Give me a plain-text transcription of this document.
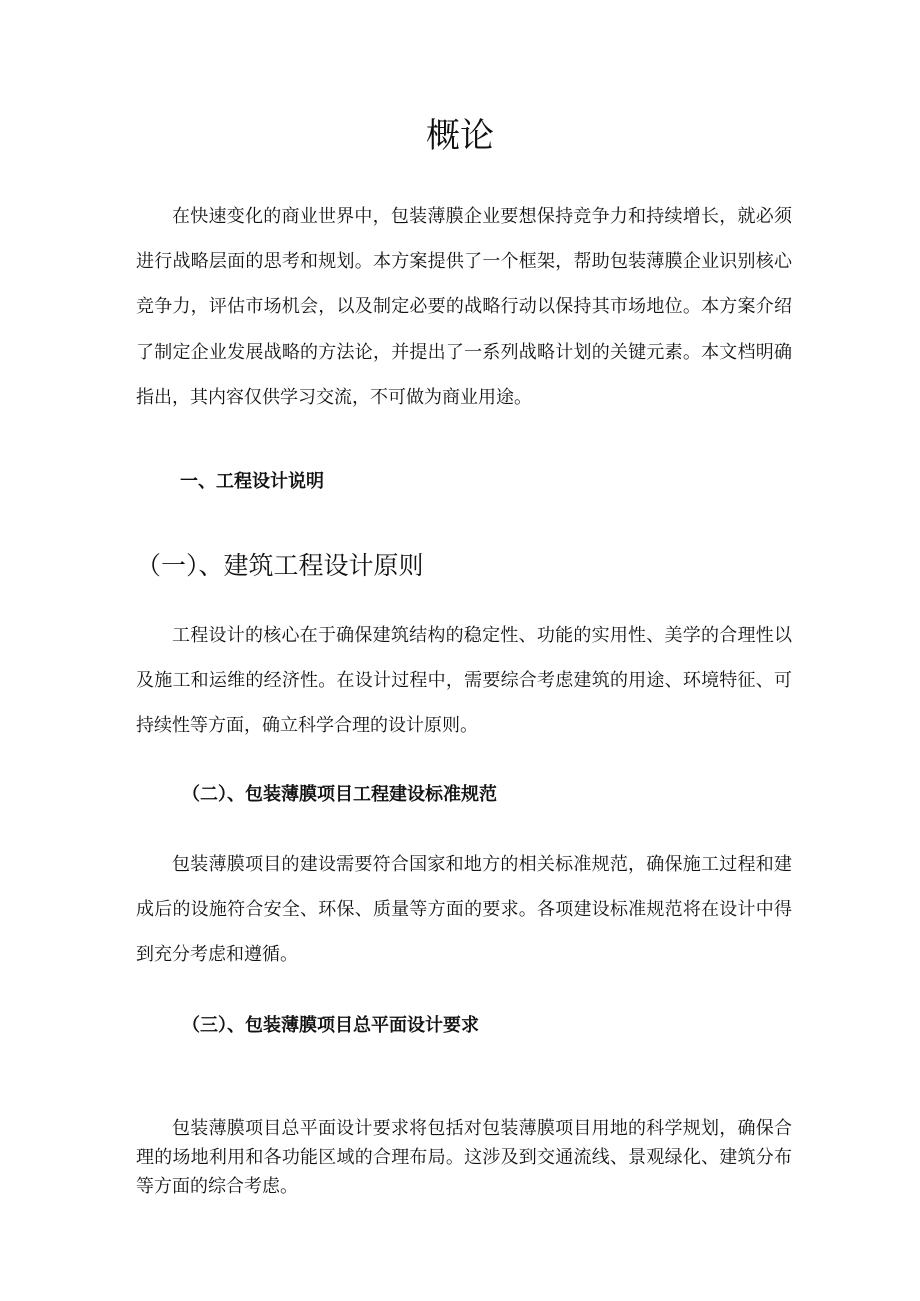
概论

在快速变化的商业世界中，包装薄膜企业要想保持竞争力和持续增长，就必须进行战略层面的思考和规划。本方案提供了一个框架，帮助包装薄膜企业识别核心竞争力，评估市场机会，以及制定必要的战略行动以保持其市场地位。本方案介绍了制定企业发展战略的方法论，并提出了一系列战略计划的关键元素。本文档明确指出，其内容仅供学习交流，不可做为商业用途。

一、工程设计说明
（一）、建筑工程设计原则

工程设计的核心在于确保建筑结构的稳定性、功能的实用性、美学的合理性以及施工和运维的经济性。在设计过程中，需要综合考虑建筑的用途、环境特征、可持续性等方面，确立科学合理的设计原则。

（二）、包装薄膜项目工程建设标准规范

包装薄膜项目的建设需要符合国家和地方的相关标准规范，确保施工过程和建成后的设施符合安全、环保、质量等方面的要求。各项建设标准规范将在设计中得到充分考虑和遵循。

（三）、包装薄膜项目总平面设计要求

包装薄膜项目总平面设计要求将包括对包装薄膜项目用地的科学规划，确保合理的场地利用和各功能区域的合理布局。这涉及到交通流线、景观绿化、建筑分布等方面的综合考虑。
